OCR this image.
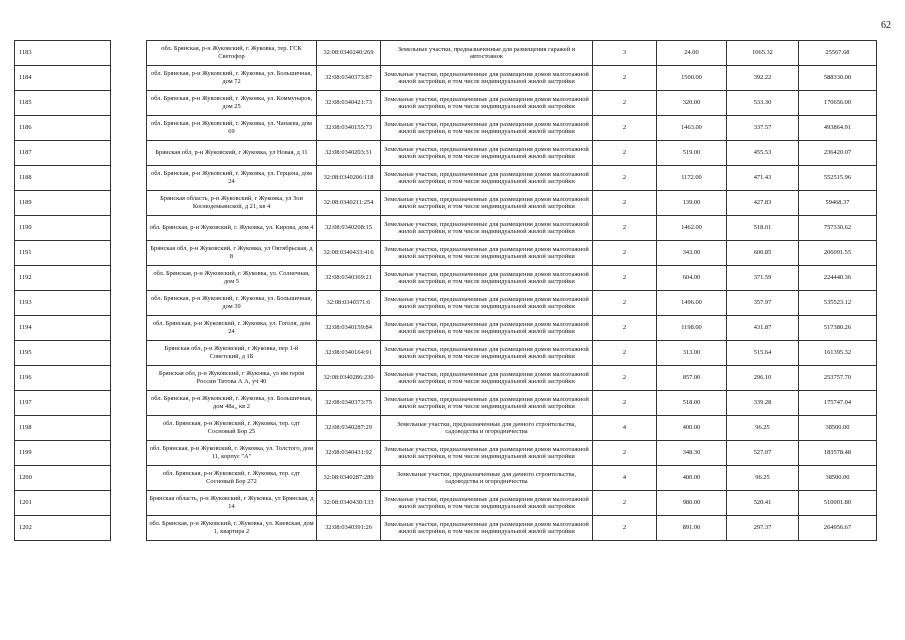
62
1183		обл. Брянская, р-н Жуковский, г. Жуковка, тер. ГСК Светофор	32:08:0340240:269	Земельные участки, предназначенные для размещения гаражей и автостоянок	3	24.00	1065.32	25567.68
1184		обл. Брянская, р-н Жуковский, г. Жуковка, ул. Большичная, дом 72	32:08:0340373:87	Земельные участки, предназначенные для размещения домов малоэтажной жилой застройки, в том числе индивидуальной жилой застройки	2	1500.00	392.22	588330.00
1185		обл. Брянская, р-н Жуковский, г. Жуковка, ул. Коммунаров, дом 25	32:08:0340421:73	Земельные участки, предназначенные для размещения домов малоэтажной жилой застройки, в том числе индивидуальной жилой застройки	2	320.00	533.30	170656.00
1186		обл. Брянская, р-н Жуковский, г. Жуковка, ул. Чапаева, дом 69	32:08:0340155:73	Земельные участки, предназначенные для размещения домов малоэтажной жилой застройки, в том числе индивидуальной жилой застройки	2	1463.00	337.57	493864.91
1187		Брянская обл, р-н Жуковский, г Жуковка, ул Новая, д 11	32:08:0340203:31	Земельные участки, предназначенные для размещения домов малоэтажной жилой застройки, в том числе индивидуальной жилой застройки	2	519.00	455.53	236420.07
1188		обл. Брянская, р-н Жуковский, г. Жуковка, ул. Герцена, дом 24	32:08:0340206:118	Земельные участки, предназначенные для размещения домов малоэтажной жилой застройки, в том числе индивидуальной жилой застройки	2	1172.00	471.43	552515.96
1189		Брянская область, р-н Жуковский, г Жуковка, ул Зои Космодемьянской, д 21, кв 4	32:08:0340211:254	Земельные участки, предназначенные для размещения домов малоэтажной жилой застройки, в том числе индивидуальной жилой застройки	2	139.00	427.83	59468.37
1190		обл. Брянская, р-н Жуковский, г. Жуковка, ул. Кирова, дом 4	32:08:0340208:15	Земельные участки, предназначенные для размещения домов малоэтажной жилой застройки, в том числе индивидуальной жилой застройки	2	1462.00	518.01	757330.62
1191		Брянская обл, р-н Жуковский, г Жуковка, ул Октябрьская, д 8	32:08:0340433:416	Земельные участки, предназначенные для размещения домов малоэтажной жилой застройки, в том числе индивидуальной жилой застройки	2	343.00	600.85	206091.55
1192		обл. Брянская, р-н Жуковский, г. Жуковка, ул. Солнечная, дом 5	32:08:0340369:21	Земельные участки, предназначенные для размещения домов малоэтажной жилой застройки, в том числе индивидуальной жилой застройки	2	604.00	371.59	224440.36
1193		обл. Брянская, р-н Жуковский, г. Жуковка, ул. Большичная, дом 39	32:08:0340371:6	Земельные участки, предназначенные для размещения домов малоэтажной жилой застройки, в том числе индивидуальной жилой застройки	2	1496.00	357.97	535523.12
1194		обл. Брянская, р-н Жуковский, г. Жуковка, ул. Гоголя, дом 24	32:08:0340159:84	Земельные участки, предназначенные для размещения домов малоэтажной жилой застройки, в том числе индивидуальной жилой застройки	2	1198.00	431.87	517380.26
1195		Брянская обл, р-н Жуковский, г Жуковка, пер 1-й Советский, д 1Б	32:08:0340164:91	Земельные участки, предназначенные для размещения домов малоэтажной жилой застройки, в том числе индивидуальной жилой застройки	2	313.00	515.64	161395.32
1196		Брянская обл, р-н Жуковский, г Жуковка, ул им героя России Титова А А, уч 40	32:08:0340286:230	Земельные участки, предназначенные для размещения домов малоэтажной жилой застройки, в том числе индивидуальной жилой застройки	2	857.00	296.10	253757.70
1197		обл. Брянская, р-н Жуковский, г. Жуковка, ул. Большичная, дом 48а,, кв 2	32:08:0340373:75	Земельные участки, предназначенные для размещения домов малоэтажной жилой застройки, в том числе индивидуальной жилой застройки	2	518.00	339.28	175747.04
1198		обл. Брянская, р-н Жуковский, г. Жуковка, тер. сдт Сосновый Бор 25	32:08:0340287:29	Земельные участки, предназначенные для дачного строительства, садоводства и огородничества	4	400.00	96.25	38500.00
1199		обл. Брянская, р-н Жуковский, г. Жуковка, ул. Толстого, дом 11, корпус "А"	32:08:0340431:92	Земельные участки, предназначенные для размещения домов малоэтажной жилой застройки, в том числе индивидуальной жилой застройки	2	348.30	527.07	183578.48
1200		обл. Брянская, р-н Жуковский, г. Жуковка, тер. сдт Сосновый Бор 272	32:08:0340287:289	Земельные участки, предназначенные для дачного строительства, садоводства и огородничества	4	400.00	96.25	38500.00
1201		Брянская область, р-н Жуковский, г Жуковка, ул Брянская, д 14	32:08:0340430:133	Земельные участки, предназначенные для размещения домов малоэтажной жилой застройки, в том числе индивидуальной жилой застройки	2	980.00	520.41	510001.80
1202		обл. Брянская, р-н Жуковский, г. Жуковка, ул. Киевская, дом 1, квартира 2	32:08:0340391:26	Земельные участки, предназначенные для размещения домов малоэтажной жилой застройки, в том числе индивидуальной жилой застройки	2	891.00	297.37	264956.67
